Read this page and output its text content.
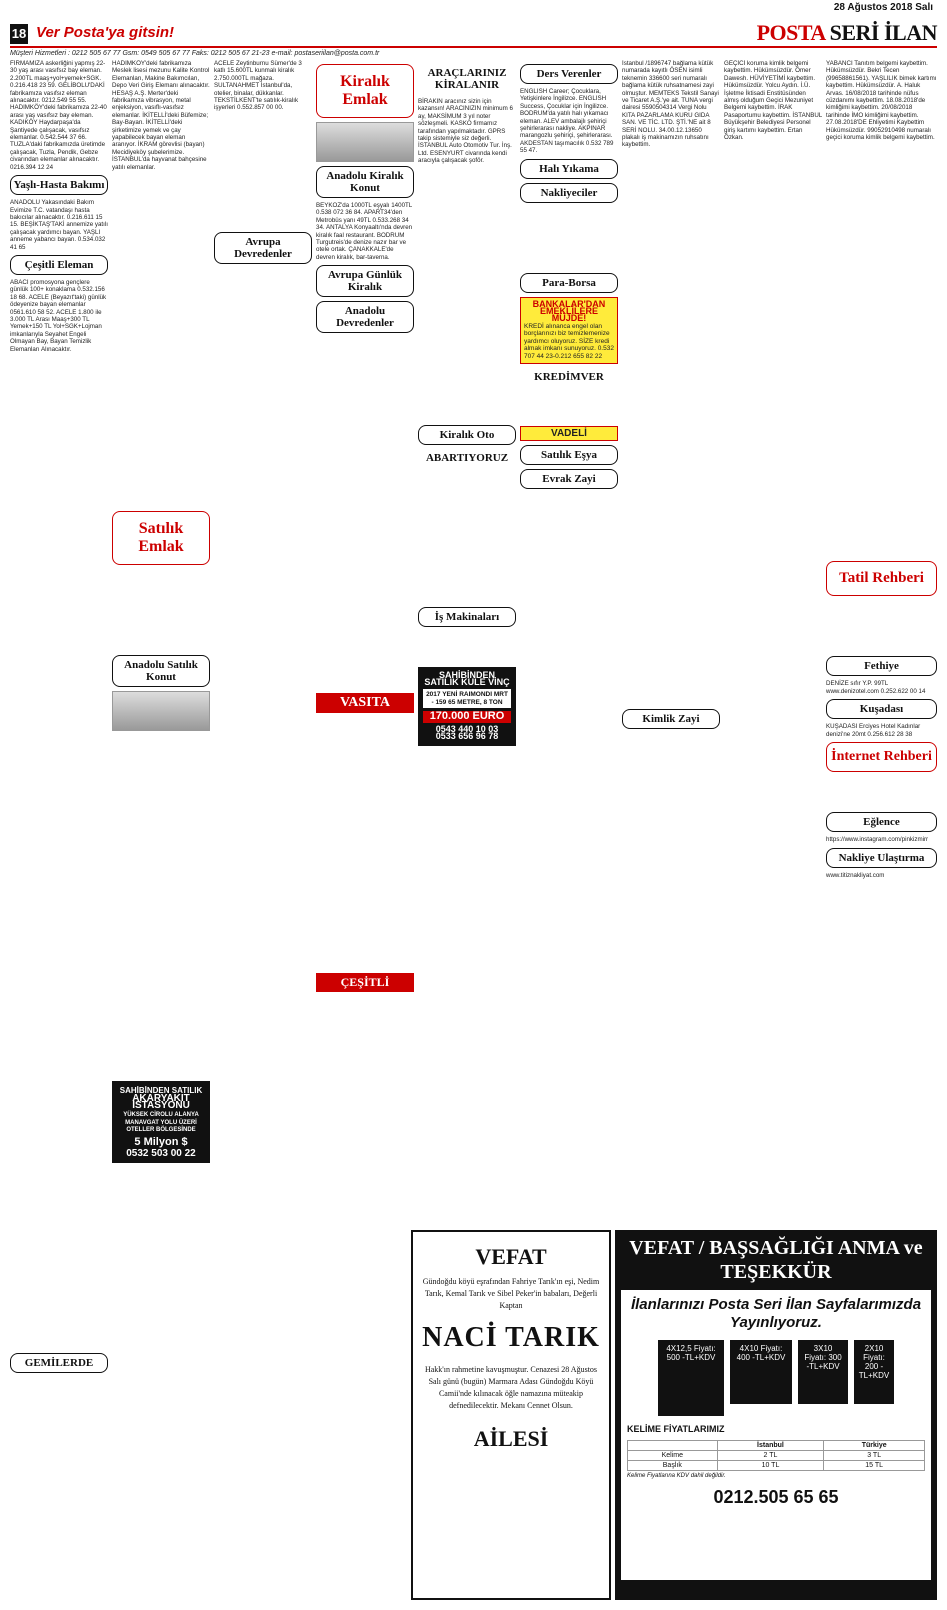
28 Ağustos 2018 Salı
18 Ver Posta'ya gitsin!	POSTA SERİ İLAN
Müşteri Hizmetleri : 0212 505 67 77 Gsm: 0549 505 67 77 Faks: 0212 505 67 21-23 e-mail: postaseriilan@posta.com.tr

FİRMAMIZA askerliğini yapmış 22-30 yaş arası vasıfsız bay eleman. 2.200TL maaş+yol+yemek+SGK. 0.216.418 23 59. GELİBOLU'DAKİ fabrikamıza vasıfsız eleman alınacaktır. 0212.549 55 55. HADIMKÖY'deki fabrikamıza 22-40 arası yaş vasıfsız bay eleman. KADIKÖY Haydarpaşa'da Şantiyede çalışacak, vasıfsız elemanlar. 0.542.544 37 66. TUZLA'daki fabrikamızda üretimde çalışacak, Tuzla, Pendik, Gebze civarından elemanlar alınacaktır. 0216.394 12 24

Yaşlı-Hasta Bakımı

ANADOLU Yakasındaki Bakım Evimize T.C. vatandaşı hasta bakıcılar alınacaktır. 0.216.611 15 15. BEŞİKTAŞ'TAKİ annemize yatılı çalışacak yardımcı bayan. YAŞLI anneme yabancı bayan. 0.534.032 41 65

Çeşitli Eleman

ABACI promosyona gençlere günlük 100+ konaklama 0.532.156 18 68. ACELE (Beyazıt'taki) günlük ödeyenize bayan elemanlar 0561.610 58 52. ACELE 1.800 ile 3.000 TL Arası Maaş+300 TL Yemek+150 TL Yol+SGK+Lojman imkanlarıyla Seyahet Engeli Olmayan Bay, Bayan Temizlik Elemanları Alınacaktır.

GEMİLERDE

HADIMKÖY'deki fabrikamıza Meslek lisesi mezunu Kalite Kontrol Elemanları, Makine Bakımcıları, Depo Veri Giriş Elemanı alınacaktır. HESAŞ A.Ş. Merter'deki fabrikamıza vibrasyon, metal enjeksiyon, vasıflı-vasıfsız elemanlar. İKİTELLİ'deki Büfemize; Bay-Bayan. İKİTELLİ'deki şirketimize yemek ve çay yapabilecek bayan eleman aranıyor. İKRAM görevlisi (bayan) Mecidiyeköy şubelerimize. İSTANBUL'da hayvanat bahçesine yatılı elemanlar.

Satılık Emlak
Anadolu Satılık Konut
SAHİBİNDEN SATILIK
AKARYAKIT İSTASYONU
YÜKSEK CİROLU ALANYA MANAVGAT YOLU ÜZERİ OTELLER BÖLGESİNDE
5 Milyon $
0532 503 00 22

ACELE Zeytinburnu Sümer'de 3 katlı 15.600TL kunmalı kiralık 2.750.000TL mağaza. SULTANAHMET İstanbul'da, otelier, binalar, dükkanlar. TEKSTİLKENT'te satılık-kiralık işyerleri 0.552.857 00 00.

Avrupa Devredenler
Kiralık Emlak
Anadolu Kiralık Konut

BEYKOZ'da 1000TL eşyalı 1400TL 0.538 072 36 84. APART34'den Metrobüs yanı 49TL 0.533.268 34 34. ANTALYA Konyaaltı'nda devren kiralık faal restaurant. BODRUM Turgutreis'de denize nazır bar ve otele ortak. ÇANAKKALE'de devren kiralık, bar-taverna.

Avrupa Günlük Kiralık
Anadolu Devredenler
VASITA
ÇEŞİTLİ
ARAÇLARINIZ KİRALANIR

BİRAKIN aracınız sizin için kazansın! ARACINIZIN minimum 6 ay, MAKSİMUM 3 yıl noter sözleşmeli. KASKO firmamız tarafından yapılmaktadır. GPRS takip sistemiyle siz değerli. İSTANBUL Auto Otomotiv Tur. İnş. Ltd. ESENYURT civarında kendi aracıyla çalışacak şoför.

Kiralık Oto
ABARTIYORUZ
İş Makinaları
SAHİBİNDEN SATILIK KULE VİNÇ
2017 YENİ RAIMONDI MRT - 159 65 METRE, 8 TON
170.000 EURO
0543 440 10 03
0533 656 96 78
Ders Verenler

ENGLISH Career; Çocuklara, Yetişkinlere İngilizce. ENGLISH Success, Çocuklar için İngilizce. BODRUM'da yatılı halı yıkamacı eleman. ALEV ambalajlı şehiriçi şehirlerarası nakliye. AKPINAR marangozlu şehiriçi, şehirlerarası. AKDESTAN taşımacılık 0.532 789 55 47.

Halı Yıkama
Nakliyeciler
Para-Borsa
BANKALAR'DAN EMEKLİLERE MÜJDE!
KREDİ alınanca engel olan borçlarınızı biz temizlemenize yardımcı oluyoruz. SİZE kredi almak imkanı sunuyoruz. 0.532 707 44 23-0.212 655 82 22
KREDİMVER
VADELİ
Satılık Eşya
Evrak Zayi

İstanbul /1896747 bağlama kütük numarada kayıtlı ÖSEN isimli teknemin 336600 seri numaralı bağlama kütük ruhsatnamesi zayi olmuştur. MEMTEKS Tekstil Sanayi ve Ticaret A.Ş.'ye ait. TUNA vergi dairesi 5590504314 Vergi Nolu KITA PAZARLAMA KURU GIDA SAN. VE TİC. LTD. ŞTİ.'NE ait 8 SERİ NOLU. 34.00.12.13650 plakalı iş makinamızın ruhsatını kaybettim.

Kimlik Zayi

GEÇİCİ koruma kimlik belgemi kaybettim. Hükümsüzdür. Ömer Dawesh. HÜVİYETİMİ kaybettim. Hükümsüzdür. Yolcu Aydın. İ.Ü. İşletme İktisadi Enstitüsünden almış olduğum Geçici Mezuniyet Belgemi kaybettim. İRAK Pasaportumu kaybettim. İSTANBUL Büyükşehir Belediyesi Personel giriş kartımı kaybettim. Ertan Özkan.

YABANCI Tanıtım belgemi kaybettim. Hükümsüzdür. Bekri Tecen (99658861561). YAŞLILIK bimek kartımı kaybettim. Hükümsüzdür. A. Haluk Arvas. 16/08/2018 tarihinde nüfus cüzdanımı kaybettim. 18.08.2018'de kimliğimi kaybettim. 20/08/2018 tarihinde İMO kimliğimi kaybettim. 27.08.2018'DE Ehliyetimi Kaybettim Hükümsüzdür. 99052910498 numaralı geçici koruma kimlik belgemi kaybettim.

Tatil Rehberi
Fethiye

DENİZE sıfır Y.P. 99TL www.denizotel.com 0.252.622 00 14

Kuşadası

KUŞADASI Erciyes Hotel Kadınlar denizi'ne 20mt 0.256.612 28 38

İnternet Rehberi
Eğlence

https://www.instagram.com/pinkizmirr

Nakliye Ulaştırma

www.titiznakliyat.com

VEFAT

Gündoğdu köyü eşrafından Fahriye Tarık'ın eşi, Nedim Tarık, Kemal Tarık ve Sibel Peker'in babaları, Değerli Kaptan

NACİ TARIK

Hakk'ın rahmetine kavuşmuştur. Cenazesi 28 Ağustos Salı günü (bugün) Marmara Adası Gündoğdu Köyü Camii'nde kılınacak öğle namazına müteakip defnedilecektir. Mekanı Cennet Olsun.

AİLESİ
VEFAT / BAŞSAĞLIĞI ANMA ve TEŞEKKÜR
İlanlarınızı Posta Seri İlan Sayfalarımızda Yayınlıyoruz.
4X12,5 Fiyatı: 500 -TL+KDV
4X10 Fiyatı: 400 -TL+KDV
3X10 Fiyatı: 300 -TL+KDV
2X10 Fiyatı: 200 -TL+KDV
KELİME FİYATLARIMIZ
	İstanbul	Türkiye
Kelime	2 TL	3 TL
Başlık	10 TL	15 TL
Kelime Fiyatlarına KDV dahil değildir.
0212.505 65 65
